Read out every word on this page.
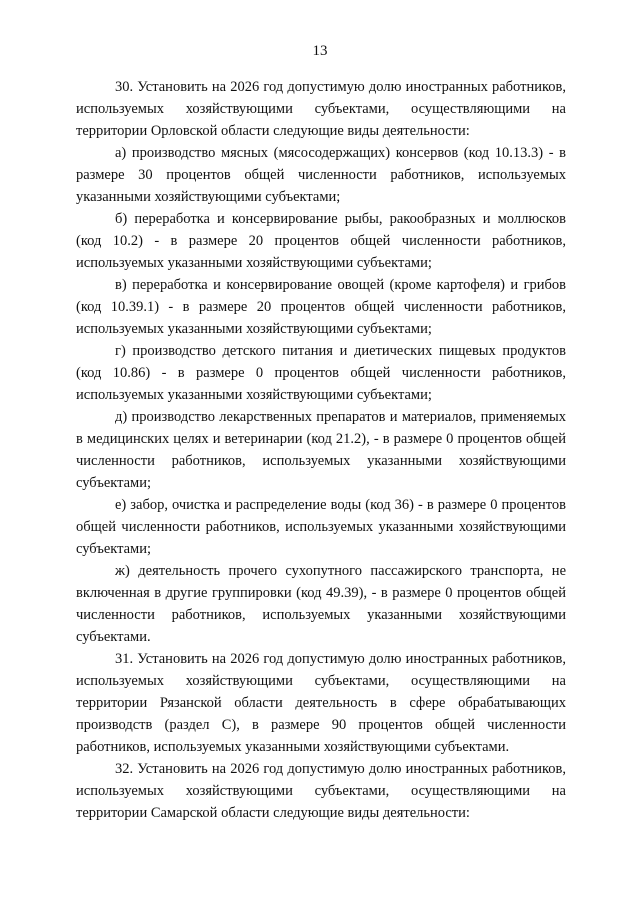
13

30. Установить на 2026 год допустимую долю иностранных работников, используемых хозяйствующими субъектами, осуществляющими на территории Орловской области следующие виды деятельности:

а) производство мясных (мясосодержащих) консервов (код 10.13.3) - в размере 30 процентов общей численности работников, используемых указанными хозяйствующими субъектами;

б) переработка и консервирование рыбы, ракообразных и моллюсков (код 10.2) - в размере 20 процентов общей численности работников, используемых указанными хозяйствующими субъектами;

в) переработка и консервирование овощей (кроме картофеля) и грибов (код 10.39.1) - в размере 20 процентов общей численности работников, используемых указанными хозяйствующими субъектами;

г) производство детского питания и диетических пищевых продуктов (код 10.86) - в размере 0 процентов общей численности работников, используемых указанными хозяйствующими субъектами;

д) производство лекарственных препаратов и материалов, применяемых в медицинских целях и ветеринарии (код 21.2), - в размере 0 процентов общей численности работников, используемых указанными хозяйствующими субъектами;

е) забор, очистка и распределение воды (код 36) - в размере 0 процентов общей численности работников, используемых указанными хозяйствующими субъектами;

ж) деятельность прочего сухопутного пассажирского транспорта, не включенная в другие группировки (код 49.39), - в размере 0 процентов общей численности работников, используемых указанными хозяйствующими субъектами.

31. Установить на 2026 год допустимую долю иностранных работников, используемых хозяйствующими субъектами, осуществляющими на территории Рязанской области деятельность в сфере обрабатывающих производств (раздел C), в размере 90 процентов общей численности работников, используемых указанными хозяйствующими субъектами.

32. Установить на 2026 год допустимую долю иностранных работников, используемых хозяйствующими субъектами, осуществляющими на территории Самарской области следующие виды деятельности:
